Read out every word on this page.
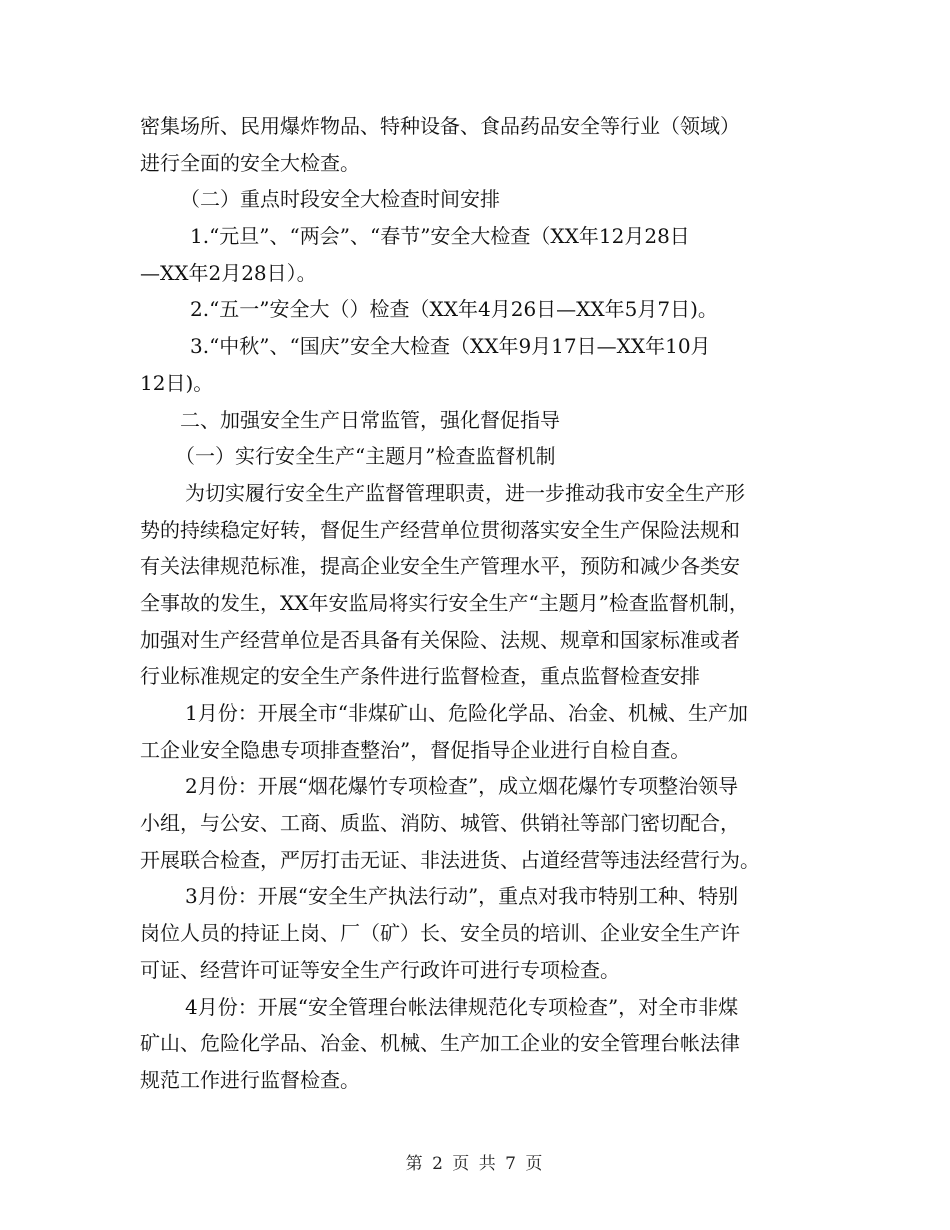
密集场所、民用爆炸物品、特种设备、食品药品安全等行业（领域）
进行全面的安全大检查。
（二）重点时段安全大检查时间安排
1.“元旦”、“两会”、“春节”安全大检查（XX年12月28日
—XX年2月28日）。
2.“五一”安全大（）检查（XX年4月26日—XX年5月7日)。
3.“中秋”、“国庆”安全大检查（XX年9月17日—XX年10月
12日)。
二、加强安全生产日常监管，强化督促指导
（一）实行安全生产“主题月”检查监督机制
为切实履行安全生产监督管理职责，进一步推动我市安全生产形
势的持续稳定好转，督促生产经营单位贯彻落实安全生产保险法规和
有关法律规范标准，提高企业安全生产管理水平，预防和减少各类安
全事故的发生，XX年安监局将实行安全生产“主题月”检查监督机制，
加强对生产经营单位是否具备有关保险、法规、规章和国家标准或者
行业标准规定的安全生产条件进行监督检查，重点监督检查安排
1月份：开展全市“非煤矿山、危险化学品、冶金、机械、生产加
工企业安全隐患专项排查整治”，督促指导企业进行自检自查。
2月份：开展“烟花爆竹专项检查”，成立烟花爆竹专项整治领导
小组，与公安、工商、质监、消防、城管、供销社等部门密切配合，
开展联合检查，严厉打击无证、非法进货、占道经营等违法经营行为。
3月份：开展“安全生产执法行动”，重点对我市特别工种、特别
岗位人员的持证上岗、厂（矿）长、安全员的培训、企业安全生产许
可证、经营许可证等安全生产行政许可进行专项检查。
4月份：开展“安全管理台帐法律规范化专项检查”，对全市非煤
矿山、危险化学品、冶金、机械、生产加工企业的安全管理台帐法律
规范工作进行监督检查。
第 2 页 共 7 页
